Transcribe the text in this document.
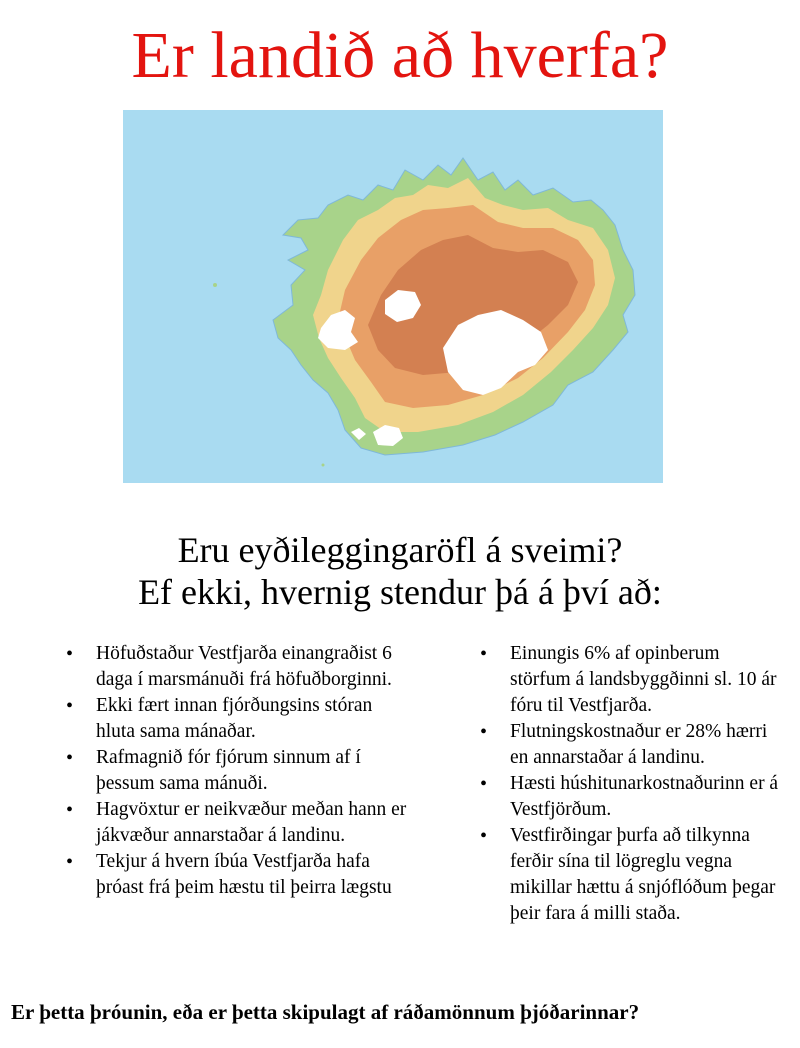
Er landið að hverfa?

Eru eyðileggingaröfl á sveimi?

Ef ekki, hvernig stendur þá á því að:

• Höfuðstaður Vestfjarða einangraðist 6 daga í marsmánuði frá höfuðborginni.
• Ekki fært innan fjórðungsins stóran hluta sama mánaðar.
• Rafmagnið fór fjórum sinnum af í þessum sama mánuði.
• Hagvöxtur er neikvæður meðan hann er jákvæður annarstaðar á landinu.
• Tekjur á hvern íbúa Vestfjarða hafa þróast frá þeim hæstu til þeirra lægstu
• Einungis 6% af opinberum störfum á landsbyggðinni sl. 10 ár fóru til Vestfjarða.
• Flutningskostnaður er 28% hærri en annarstaðar á landinu.
• Hæsti húshitunarkostnaðurinn er á Vestfjörðum.
• Vestfirðingar þurfa að tilkynna ferðir sína til lögreglu vegna mikillar hættu á snjóflóðum þegar þeir fara á milli staða.

Er þetta þróunin, eða er þetta skipulagt af ráðamönnum þjóðarinnar?
